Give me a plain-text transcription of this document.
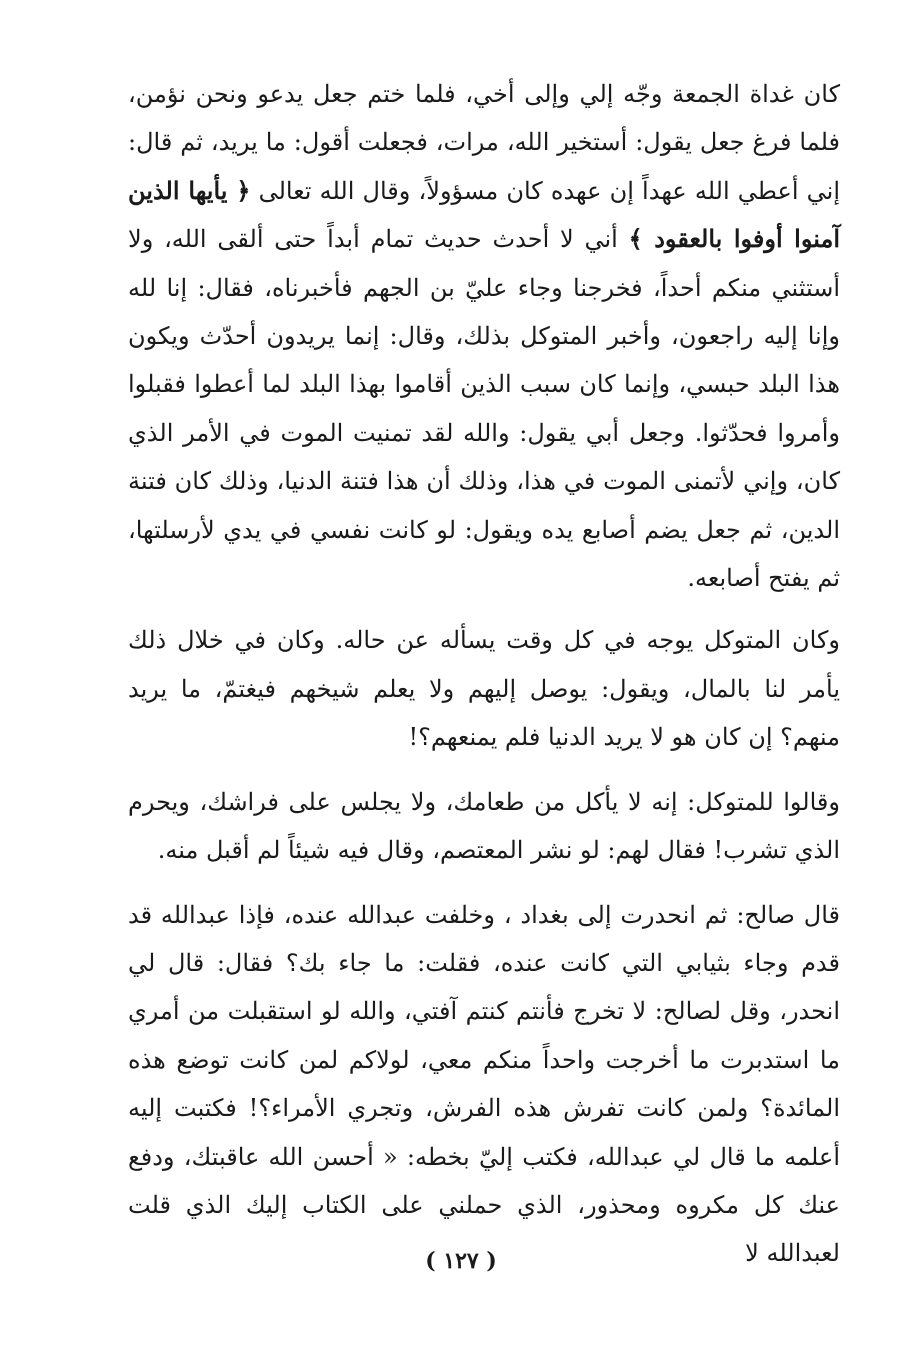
كان غداة الجمعة وجّه إلي وإلى أخي، فلما ختم جعل يدعو ونحن نؤمن، فلما فرغ جعل يقول: أستخير الله، مرات، فجعلت أقول: ما يريد، ثم قال: إني أعطي الله عهداً إن عهده كان مسؤولاً، وقال الله تعالى ﴿ يأيها الذين آمنوا أوفوا بالعقود ﴾ أني لا أحدث حديث تمام أبداً حتى ألقى الله، ولا أستثني منكم أحداً، فخرجنا وجاء عليّ بن الجهم فأخبرناه، فقال: إنا لله وإنا إليه راجعون، وأخبر المتوكل بذلك، وقال: إنما يريدون أحدّث ويكون هذا البلد حبسي، وإنما كان سبب الذين أقاموا بهذا البلد لما أعطوا فقبلوا وأمروا فحدّثوا. وجعل أبي يقول: والله لقد تمنيت الموت في الأمر الذي كان، وإني لأتمنى الموت في هذا، وذلك أن هذا فتنة الدنيا، وذلك كان فتنة الدين، ثم جعل يضم أصابع يده ويقول: لو كانت نفسي في يدي لأرسلتها، ثم يفتح أصابعه.

وكان المتوكل يوجه في كل وقت يسأله عن حاله. وكان في خلال ذلك يأمر لنا بالمال، ويقول: يوصل إليهم ولا يعلم شيخهم فيغتمّ، ما يريد منهم؟ إن كان هو لا يريد الدنيا فلم يمنعهم؟!

وقالوا للمتوكل: إنه لا يأكل من طعامك، ولا يجلس على فراشك، ويحرم الذي تشرب! فقال لهم: لو نشر المعتصم، وقال فيه شيئاً لم أقبل منه.

قال صالح: ثم انحدرت إلى بغداد ، وخلفت عبدالله عنده، فإذا عبدالله قد قدم وجاء بثيابي التي كانت عنده، فقلت: ما جاء بك؟ فقال: قال لي انحدر، وقل لصالح: لا تخرج فأنتم كنتم آفتي، والله لو استقبلت من أمري ما استدبرت ما أخرجت واحداً منكم معي، لولاكم لمن كانت توضع هذه المائدة؟ ولمن كانت تفرش هذه الفرش، وتجري الأمراء؟! فكتبت إليه أعلمه ما قال لي عبدالله، فكتب إليّ بخطه: « أحسن الله عاقبتك، ودفع عنك كل مكروه ومحذور، الذي حملني على الكتاب إليك الذي قلت لعبدالله لا

( ١٢٧ )
